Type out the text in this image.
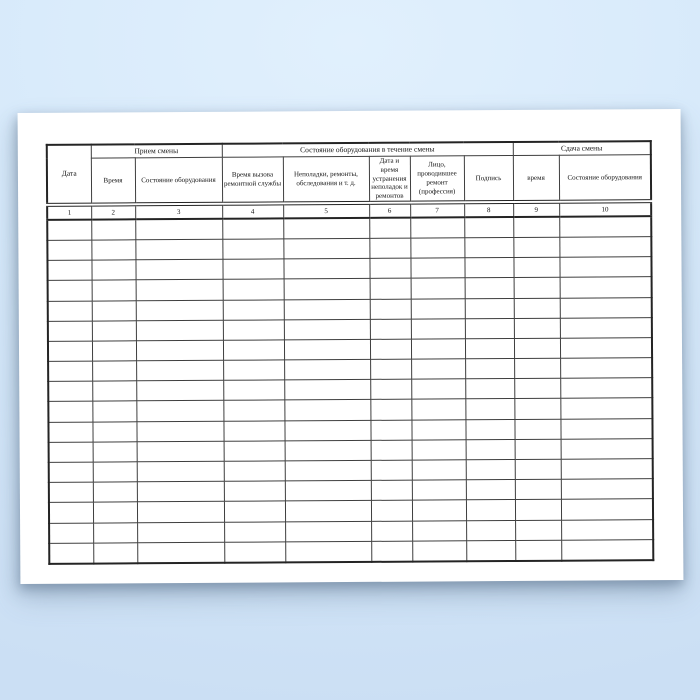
Дата	Прием смены		Состояние оборудования в течение смены					Сдача смены	
	Время	Состояние оборудования	Время вызова ремонтной службы	Неполадки, ремонты, обследования и т. д.	Дата и время устранения неполадок и ремонтов	Лицо, проводившее ремонт (профессия)	Подпись	время	Состояние оборудования
1	2	3	4	5	6	7	8	9	10
